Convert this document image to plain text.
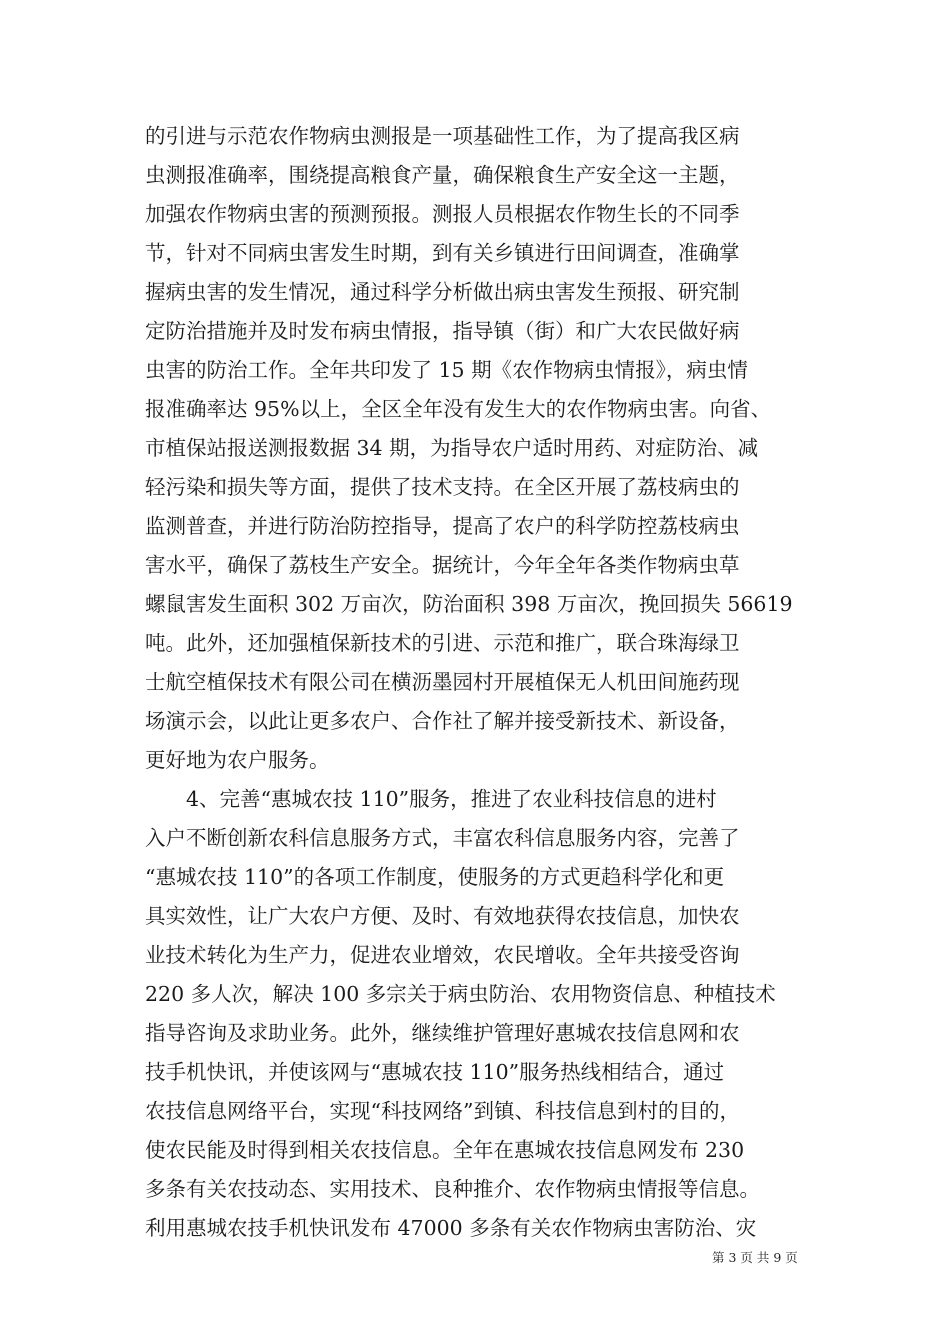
的引进与示范农作物病虫测报是一项基础性工作，为了提高我区病
虫测报准确率，围绕提高粮食产量，确保粮食生产安全这一主题，
加强农作物病虫害的预测预报。测报人员根据农作物生长的不同季
节，针对不同病虫害发生时期，到有关乡镇进行田间调查，准确掌
握病虫害的发生情况，通过科学分析做出病虫害发生预报、研究制
定防治措施并及时发布病虫情报，指导镇（街）和广大农民做好病
虫害的防治工作。全年共印发了 15 期《农作物病虫情报》，病虫情
报准确率达 95%以上，全区全年没有发生大的农作物病虫害。向省、
市植保站报送测报数据 34 期，为指导农户适时用药、对症防治、减
轻污染和损失等方面，提供了技术支持。在全区开展了荔枝病虫的
监测普查，并进行防治防控指导，提高了农户的科学防控荔枝病虫
害水平，确保了荔枝生产安全。据统计，今年全年各类作物病虫草
螺鼠害发生面积 302 万亩次，防治面积 398 万亩次，挽回损失 56619
吨。此外，还加强植保新技术的引进、示范和推广，联合珠海绿卫
士航空植保技术有限公司在横沥墨园村开展植保无人机田间施药现
场演示会，以此让更多农户、合作社了解并接受新技术、新设备，
更好地为农户服务。
4、完善“惠城农技 110”服务，推进了农业科技信息的进村
入户不断创新农科信息服务方式，丰富农科信息服务内容，完善了
“惠城农技 110”的各项工作制度，使服务的方式更趋科学化和更
具实效性，让广大农户方便、及时、有效地获得农技信息，加快农
业技术转化为生产力，促进农业增效，农民增收。全年共接受咨询
220 多人次，解决 100 多宗关于病虫防治、农用物资信息、种植技术
指导咨询及求助业务。此外，继续维护管理好惠城农技信息网和农
技手机快讯，并使该网与“惠城农技 110”服务热线相结合，通过
农技信息网络平台，实现“科技网络”到镇、科技信息到村的目的，
使农民能及时得到相关农技信息。全年在惠城农技信息网发布 230
多条有关农技动态、实用技术、良种推介、农作物病虫情报等信息。
利用惠城农技手机快讯发布 47000 多条有关农作物病虫害防治、灾
第 3 页 共 9 页
